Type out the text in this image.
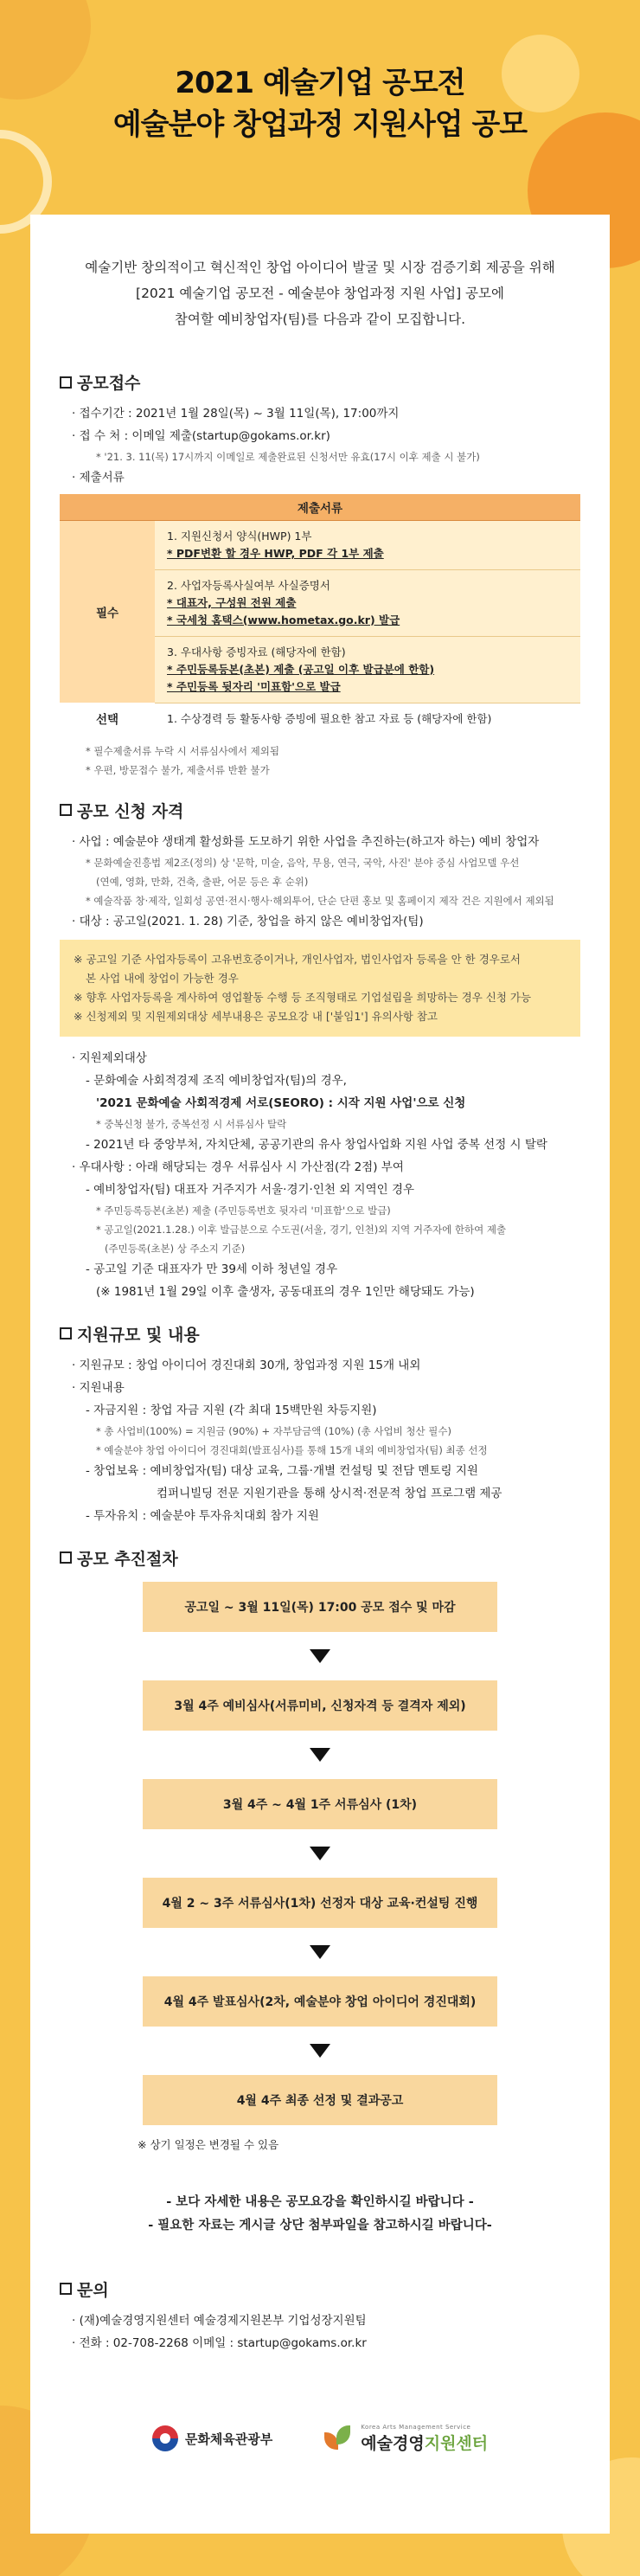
2021 예술기업 공모전
예술분야 창업과정 지원사업 공모
예술기반 창의적이고 혁신적인 창업 아이디어 발굴 및 시장 검증기회 제공을 위해
[2021 예술기업 공모전 - 예술분야 창업과정 지원 사업] 공모에
참여할 예비창업자(팀)를 다음과 같이 모집합니다.
공모접수
· 접수기간 : 2021년 1월 28일(목) ~ 3월 11일(목), 17:00까지
· 접 수 처 : 이메일 제출(startup@gokams.or.kr)
* '21. 3. 11(목) 17시까지 이메일로 제출완료된 신청서만 유효(17시 이후 제출 시 불가)
· 제출서류
제출서류	
필수	1. 지원신청서 양식(HWP) 1부
* PDF변환 할 경우 HWP, PDF 각 1부 제출

	2. 사업자등록사실여부 사실증명서
* 대표자, 구성원 전원 제출
* 국세청 홈택스(www.hometax.go.kr) 발급

	3. 우대사항 증빙자료 (해당자에 한함)
* 주민등록등본(초본) 제출 (공고일 이후 발급분에 한함)
* 주민등록 뒷자리 '미표함'으로 발급

선택	1. 수상경력 등 활동사항 증빙에 필요한 참고 자료 등 (해당자에 한함)
* 필수제출서류 누락 시 서류심사에서 제외됨
* 우편, 방문접수 불가, 제출서류 반환 불가
공모 신청 자격
· 사업 : 예술분야 생태계 활성화를 도모하기 위한 사업을 추진하는(하고자 하는) 예비 창업자
* 문화예술진흥법 제2조(정의) 상 '문학, 미술, 음악, 무용, 연극, 국악, 사진' 분야 중심 사업모델 우선
(연예, 영화, 만화, 건축, 출판, 어문 등은 후 순위)
* 예술작품 창·제작, 일회성 공연·전시·행사·해외투어, 단순 단편 홍보 및 홈페이지 제작 건은 지원에서 제외됨
· 대상 : 공고일(2021. 1. 28) 기준, 창업을 하지 않은 예비창업자(팀)
※ 공고일 기준 사업자등록이 고유번호증이거나, 개인사업자, 법인사업자 등록을 안 한 경우로서
본 사업 내에 창업이 가능한 경우
※ 향후 사업자등록을 계사하여 영업활동 수행 등 조직형태로 기업설립을 희망하는 경우 신청 가능
※ 신청제외 및 지원제외대상 세부내용은 공모요강 내 ['붙임1'] 유의사항 참고
· 지원제외대상
- 문화예술 사회적경제 조직 예비창업자(팀)의 경우,
'2021 문화예술 사회적경제 서로(SEORO) : 시작 지원 사업'으로 신청
* 중복신청 불가, 중복선정 시 서류심사 탈락
- 2021년 타 중앙부처, 자치단체, 공공기관의 유사 창업사업화 지원 사업 중복 선정 시 탈락
· 우대사항 : 아래 해당되는 경우 서류심사 시 가산점(각 2점) 부여
- 예비창업자(팀) 대표자 거주지가 서울·경기·인천 외 지역인 경우
* 주민등록등본(초본) 제출 (주민등록번호 뒷자리 '미표함'으로 발급)
* 공고일(2021.1.28.) 이후 발급분으로 수도권(서울, 경기, 인천)외 지역 거주자에 한하여 제출
(주민등록(초본) 상 주소지 기준)
- 공고일 기준 대표자가 만 39세 이하 청년일 경우
(※ 1981년 1월 29일 이후 출생자, 공동대표의 경우 1인만 해당돼도 가능)
지원규모 및 내용
· 지원규모 : 창업 아이디어 경진대회 30개, 창업과정 지원 15개 내외
· 지원내용
- 자금지원 : 창업 자금 지원 (각 최대 15백만원 차등지원)
* 총 사업비(100%) = 지원금 (90%) + 자부담금액 (10%) (총 사업비 청산 필수)
* 예술분야 창업 아이디어 경진대회(발표심사)를 통해 15개 내외 예비창업자(팀) 최종 선정
- 창업보육 : 예비창업자(팀) 대상 교육, 그룹·개별 컨설팅 및 전담 멘토링 지원
컴퍼니빌딩 전문 지원기관을 통해 상시적·전문적 창업 프로그램 제공
- 투자유치 : 예술분야 투자유치대회 참가 지원
공모 추진절차
공고일 ~ 3월 11일(목) 17:00 공모 접수 및 마감
3월 4주 예비심사(서류미비, 신청자격 등 결격자 제외)
3월 4주 ~ 4월 1주 서류심사 (1차)
4월 2 ~ 3주 서류심사(1차) 선정자 대상 교육·컨설팅 진행
4월 4주 발표심사(2차, 예술분야 창업 아이디어 경진대회)
4월 4주 최종 선정 및 결과공고
※ 상기 일정은 변경될 수 있음
- 보다 자세한 내용은 공모요강을 확인하시길 바랍니다 -
- 필요한 자료는 게시글 상단 첨부파일을 참고하시길 바랍니다-
문의
· (재)예술경영지원센터 예술경제지원본부 기업성장지원팀
· 전화 : 02-708-2268 이메일 : startup@gokams.or.kr
문화체육관광부
Korea Arts Management Service
예술경영지원센터
